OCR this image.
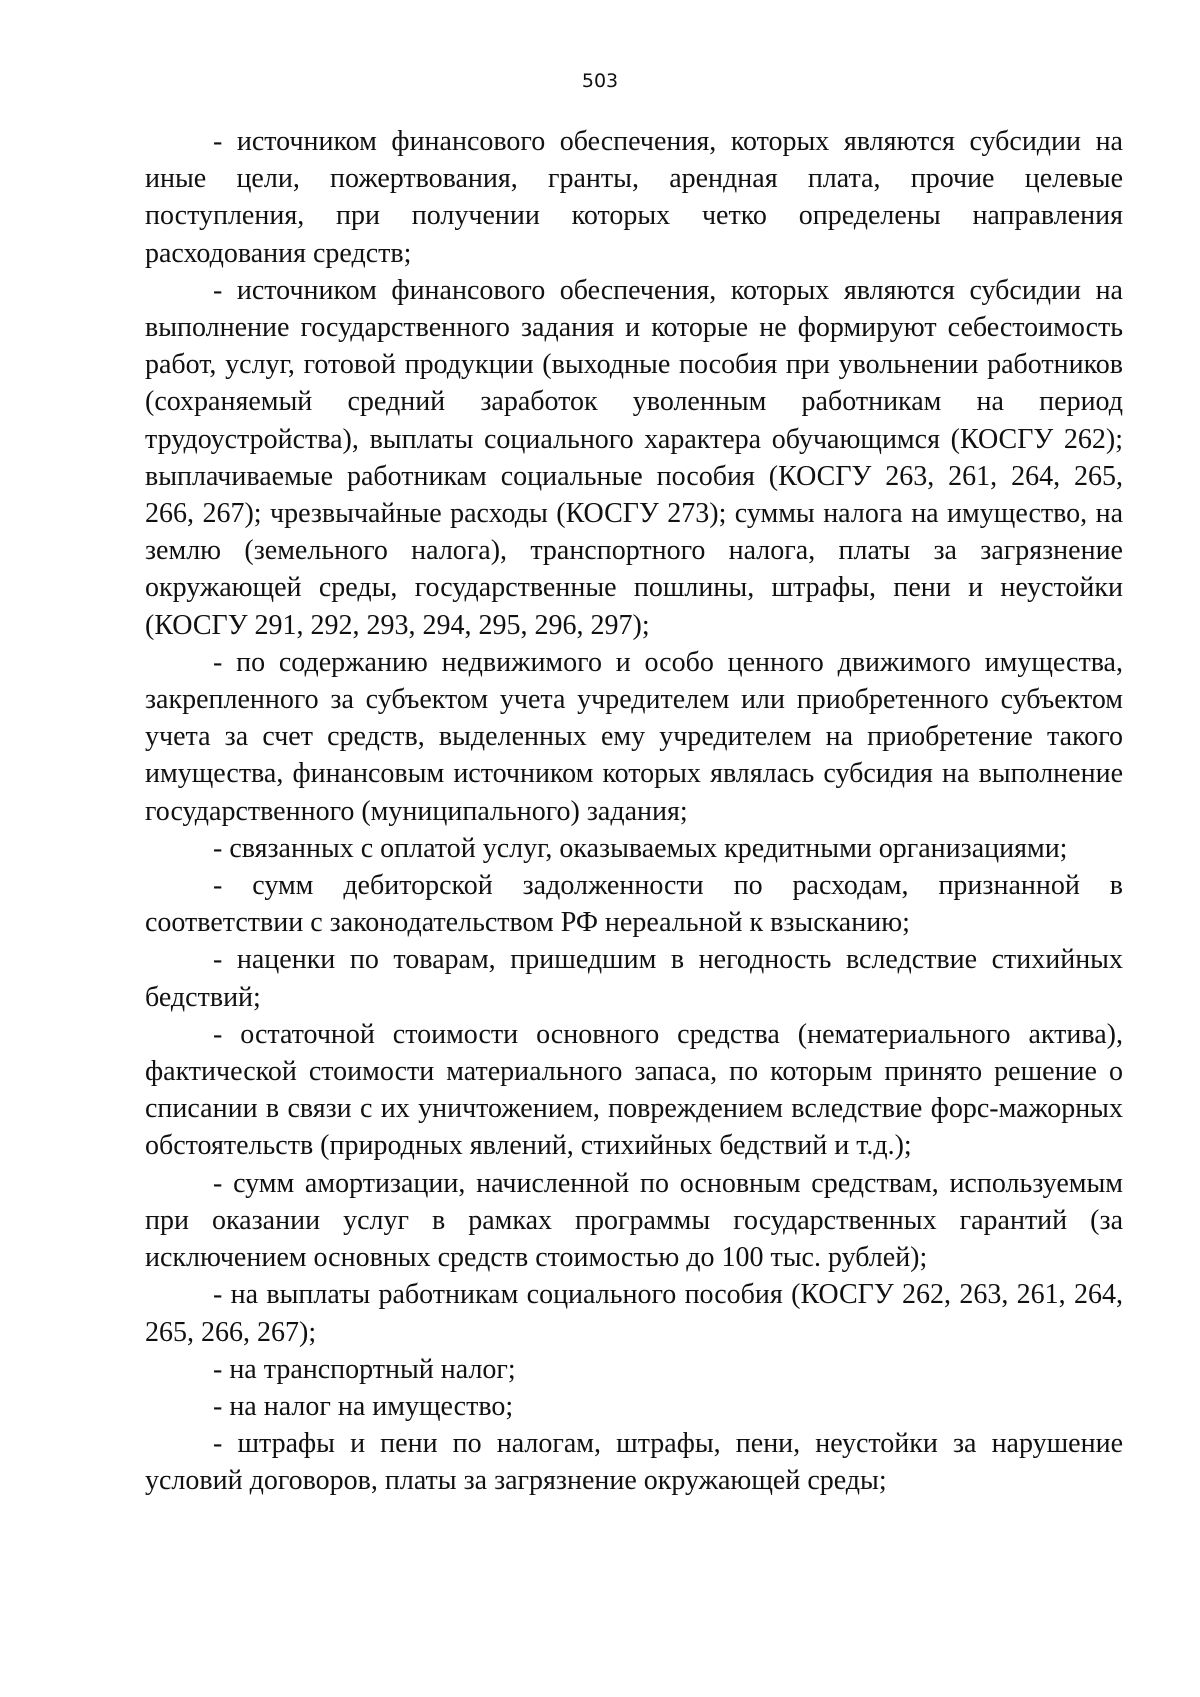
503

- источником финансового обеспечения, которых являются субсидии на иные цели, пожертвования, гранты, арендная плата, прочие целевые поступления, при получении которых четко определены направления расходования средств;

- источником финансового обеспечения, которых являются субсидии на выполнение государственного задания и которые не формируют себестоимость работ, услуг, готовой продукции (выходные пособия при увольнении работников (сохраняемый средний заработок уволенным работникам на период трудоустройства), выплаты социального характера обучающимся (КОСГУ 262); выплачиваемые работникам социальные пособия (КОСГУ 263, 261, 264, 265, 266, 267); чрезвычайные расходы (КОСГУ 273); суммы налога на имущество, на землю (земельного налога), транспортного налога, платы за загрязнение окружающей среды, государственные пошлины, штрафы, пени и неустойки (КОСГУ 291, 292, 293, 294, 295, 296, 297);

- по содержанию недвижимого и особо ценного движимого имущества, закрепленного за субъектом учета учредителем или приобретенного субъектом учета за счет средств, выделенных ему учредителем на приобретение такого имущества, финансовым источником которых являлась субсидия на выполнение государственного (муниципального) задания;

- связанных с оплатой услуг, оказываемых кредитными организациями;

- сумм дебиторской задолженности по расходам, признанной в соответствии с законодательством РФ нереальной к взысканию;

- наценки по товарам, пришедшим в негодность вследствие стихийных бедствий;

- остаточной стоимости основного средства (нематериального актива), фактической стоимости материального запаса, по которым принято решение о списании в связи с их уничтожением, повреждением вследствие форс-мажорных обстоятельств (природных явлений, стихийных бедствий и т.д.);

- сумм амортизации, начисленной по основным средствам, используемым при оказании услуг в рамках программы государственных гарантий (за исключением основных средств стоимостью до 100 тыс. рублей);

- на выплаты работникам социального пособия (КОСГУ 262, 263, 261, 264, 265, 266, 267);

- на транспортный налог;

- на налог на имущество;

- штрафы и пени по налогам, штрафы, пени, неустойки за нарушение условий договоров, платы за загрязнение окружающей среды;
